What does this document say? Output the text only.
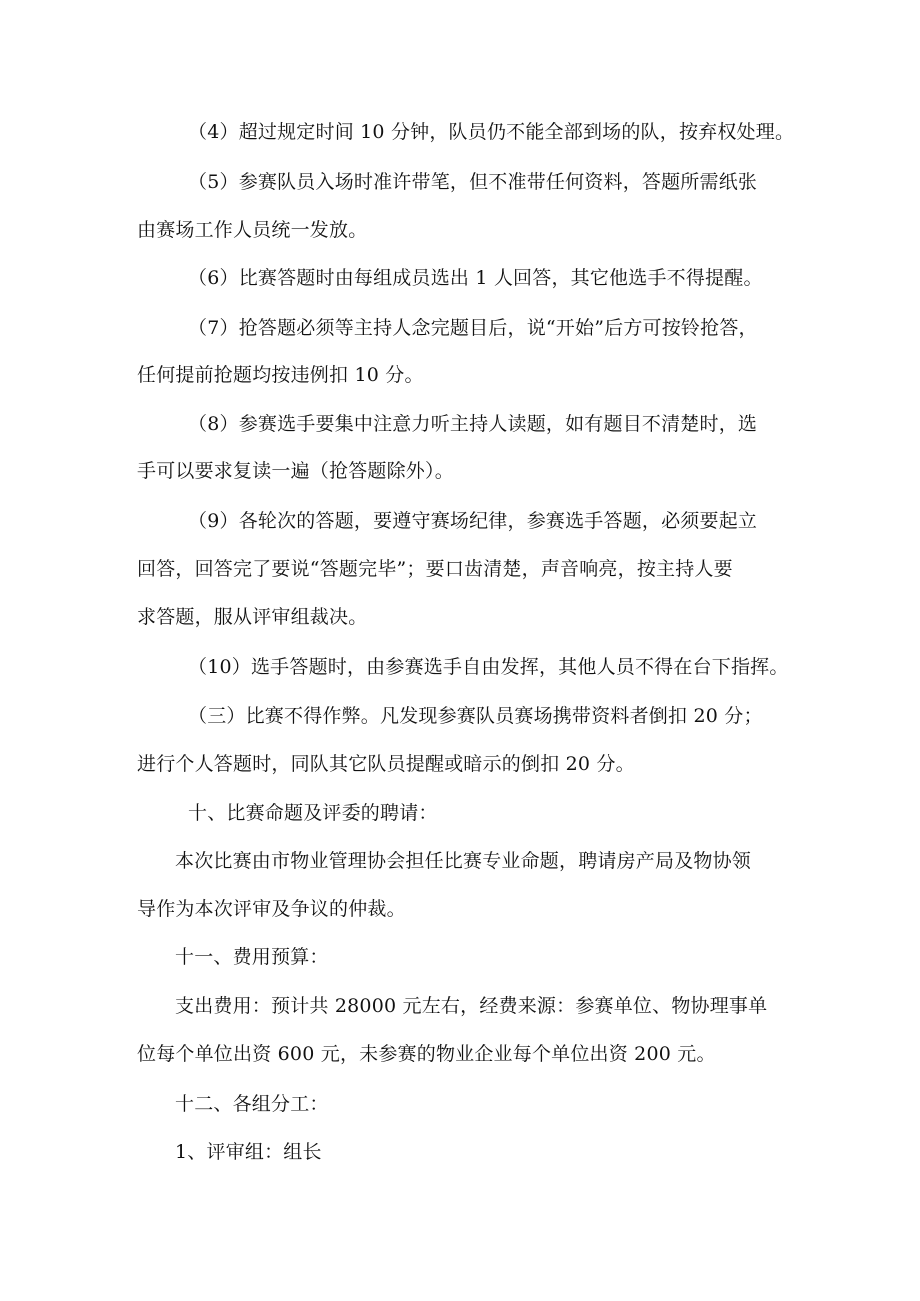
（4）超过规定时间 10 分钟，队员仍不能全部到场的队，按弃权处理。
（5）参赛队员入场时准许带笔，但不准带任何资料，答题所需纸张
由赛场工作人员统一发放。
（6）比赛答题时由每组成员选出 1 人回答，其它他选手不得提醒。
（7）抢答题必须等主持人念完题目后，说“开始”后方可按铃抢答，
任何提前抢题均按违例扣 10 分。
（8）参赛选手要集中注意力听主持人读题，如有题目不清楚时，选
手可以要求复读一遍（抢答题除外）。
（9）各轮次的答题，要遵守赛场纪律，参赛选手答题，必须要起立
回答，回答完了要说“答题完毕”；要口齿清楚，声音响亮，按主持人要
求答题，服从评审组裁决。
（10）选手答题时，由参赛选手自由发挥，其他人员不得在台下指挥。
（三）比赛不得作弊。凡发现参赛队员赛场携带资料者倒扣 20 分；
进行个人答题时，同队其它队员提醒或暗示的倒扣 20 分。
十、比赛命题及评委的聘请：
本次比赛由市物业管理协会担任比赛专业命题，聘请房产局及物协领
导作为本次评审及争议的仲裁。
十一、费用预算：
支出费用：预计共 28000 元左右，经费来源：参赛单位、物协理事单
位每个单位出资 600 元，未参赛的物业企业每个单位出资 200 元。
十二、各组分工：
1、评审组：组长
